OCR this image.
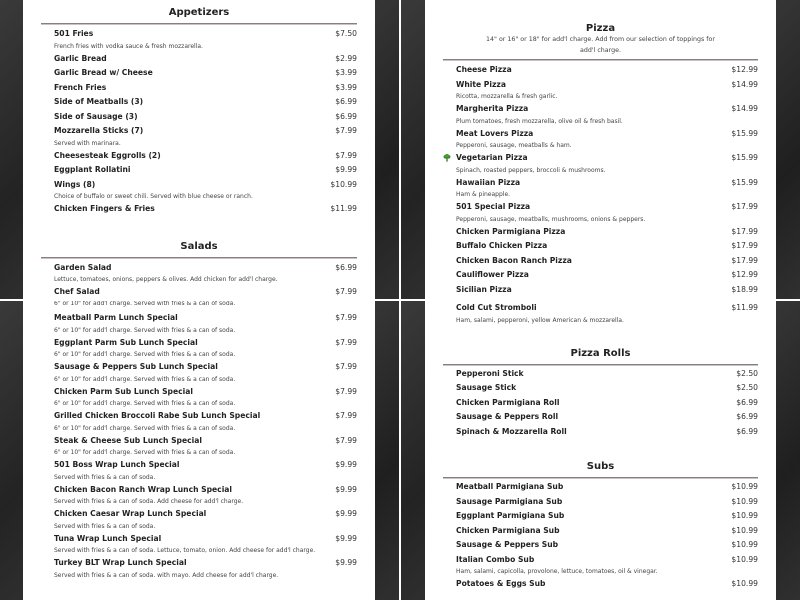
Appetizers
501 Fries	$7.50
French fries with vodka sauce & fresh mozzarella.
Garlic Bread	$2.99
Garlic Bread w/ Cheese	$3.99
French Fries	$3.99
Side of Meatballs (3)	$6.99
Side of Sausage (3)	$6.99
Mozzarella Sticks (7)	$7.99
Served with marinara.
Cheesesteak Eggrolls (2)	$7.99
Eggplant Rollatini	$9.99
Wings (8)	$10.99
Choice of buffalo or sweet chili. Served with blue cheese or ranch.
Chicken Fingers & Fries	$11.99
Salads
Garden Salad	$6.99
Lettuce, tomatoes, onions, peppers & olives. Add chicken for add'l charge.
Chef Salad	$7.99
Pizza
14" or 16" or 18" for add'l charge. Add from our selection of toppings for add'l charge.
Cheese Pizza	$12.99
White Pizza	$14.99
Ricotta, mozzarella & fresh garlic.
Margherita Pizza	$14.99
Plum tomatoes, fresh mozzarella, olive oil & fresh basil.
Meat Lovers Pizza	$15.99
Pepperoni, sausage, meatballs & ham.
Vegetarian Pizza	$15.99
Spinach, roasted peppers, broccoli & mushrooms.
Hawaiian Pizza	$15.99
Ham & pineapple.
501 Special Pizza	$17.99
Pepperoni, sausage, meatballs, mushrooms, onions & peppers.
Chicken Parmigiana Pizza	$17.99
Buffalo Chicken Pizza	$17.99
Chicken Bacon Ranch Pizza	$17.99
Cauliflower Pizza	$12.99
Sicilian Pizza	$18.99
6" or 10" for add'l charge. Served with fries & a can of soda.
Meatball Parm Lunch Special	$7.99
6" or 10" for add'l charge. Served with fries & a can of soda.
Eggplant Parm Sub Lunch Special	$7.99
6" or 10" for add'l charge. Served with fries & a can of soda.
Sausage & Peppers Sub Lunch Special	$7.99
6" or 10" for add'l charge. Served with fries & a can of soda.
Chicken Parm Sub Lunch Special	$7.99
6" or 10" for add'l charge. Served with fries & a can of soda.
Grilled Chicken Broccoli Rabe Sub Lunch Special	$7.99
6" or 10" for add'l charge. Served with fries & a can of soda.
Steak & Cheese Sub Lunch Special	$7.99
6" or 10" for add'l charge. Served with fries & a can of soda.
501 Boss Wrap Lunch Special	$9.99
Served with fries & a can of soda.
Chicken Bacon Ranch Wrap Lunch Special	$9.99
Served with fries & a can of soda. Add cheese for add'l charge.
Chicken Caesar Wrap Lunch Special	$9.99
Served with fries & a can of soda.
Tuna Wrap Lunch Special	$9.99
Served with fries & a can of soda. Lettuce, tomato, onion. Add cheese for add'l charge.
Turkey BLT Wrap Lunch Special	$9.99
Served with fries & a can of soda. with mayo. Add cheese for add'l charge.
Cold Cut Stromboli	$11.99
Ham, salami, pepperoni, yellow American & mozzarella.
Pizza Rolls
Pepperoni Stick	$2.50
Sausage Stick	$2.50
Chicken Parmigiana Roll	$6.99
Sausage & Peppers Roll	$6.99
Spinach & Mozzarella Roll	$6.99
Subs
Meatball Parmigiana Sub	$10.99
Sausage Parmigiana Sub	$10.99
Eggplant Parmigiana Sub	$10.99
Chicken Parmigiana Sub	$10.99
Sausage & Peppers Sub	$10.99
Italian Combo Sub	$10.99
Ham, salami, capicolla, provolone, lettuce, tomatoes, oil & vinegar.
Potatoes & Eggs Sub	$10.99
